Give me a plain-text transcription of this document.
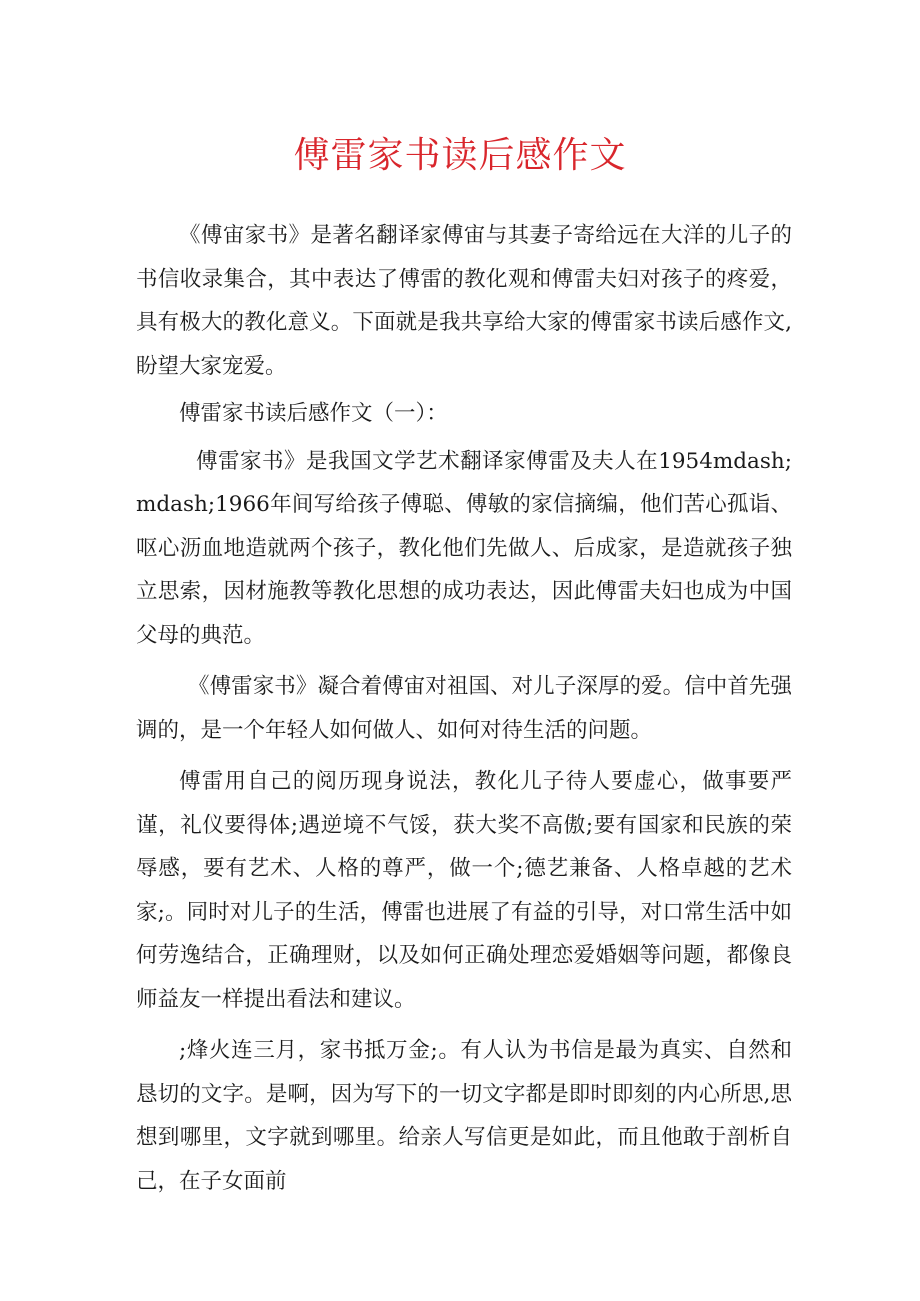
傅雷家书读后感作文

《傅宙家书》是著名翻译家傅宙与其妻子寄给远在大洋的儿子的书信收录集合，其中表达了傅雷的教化观和傅雷夫妇对孩子的疼爱，具有极大的教化意义。下面就是我共享给大家的傅雷家书读后感作文,盼望大家宠爱。

傅雷家书读后感作文（一）：

傅雷家书》是我国文学艺术翻译家傅雷及夫人在1954mdash;mdash;1966年间写给孩子傅聪、傅敏的家信摘编，他们苦心孤诣、呕心沥血地造就两个孩子，教化他们先做人、后成家，是造就孩子独立思索，因材施教等教化思想的成功表达，因此傅雷夫妇也成为中国父母的典范。

《傅雷家书》凝合着傅宙对祖国、对儿子深厚的爱。信中首先强调的，是一个年轻人如何做人、如何对待生活的问题。

傅雷用自己的阅历现身说法，教化儿子待人要虚心，做事要严谨，礼仪要得体;遇逆境不气馁，获大奖不高傲;要有国家和民族的荣辱感，要有艺术、人格的尊严，做一个;德艺兼备、人格卓越的艺术家;。同时对儿子的生活，傅雷也进展了有益的引导，对口常生活中如何劳逸结合，正确理财，以及如何正确处理恋爱婚姻等问题，都像良师益友一样提出看法和建议。

;烽火连三月，家书抵万金;。有人认为书信是最为真实、自然和恳切的文字。是啊，因为写下的一切文字都是即时即刻的内心所思,思想到哪里，文字就到哪里。给亲人写信更是如此，而且他敢于剖析自己，在子女面前
